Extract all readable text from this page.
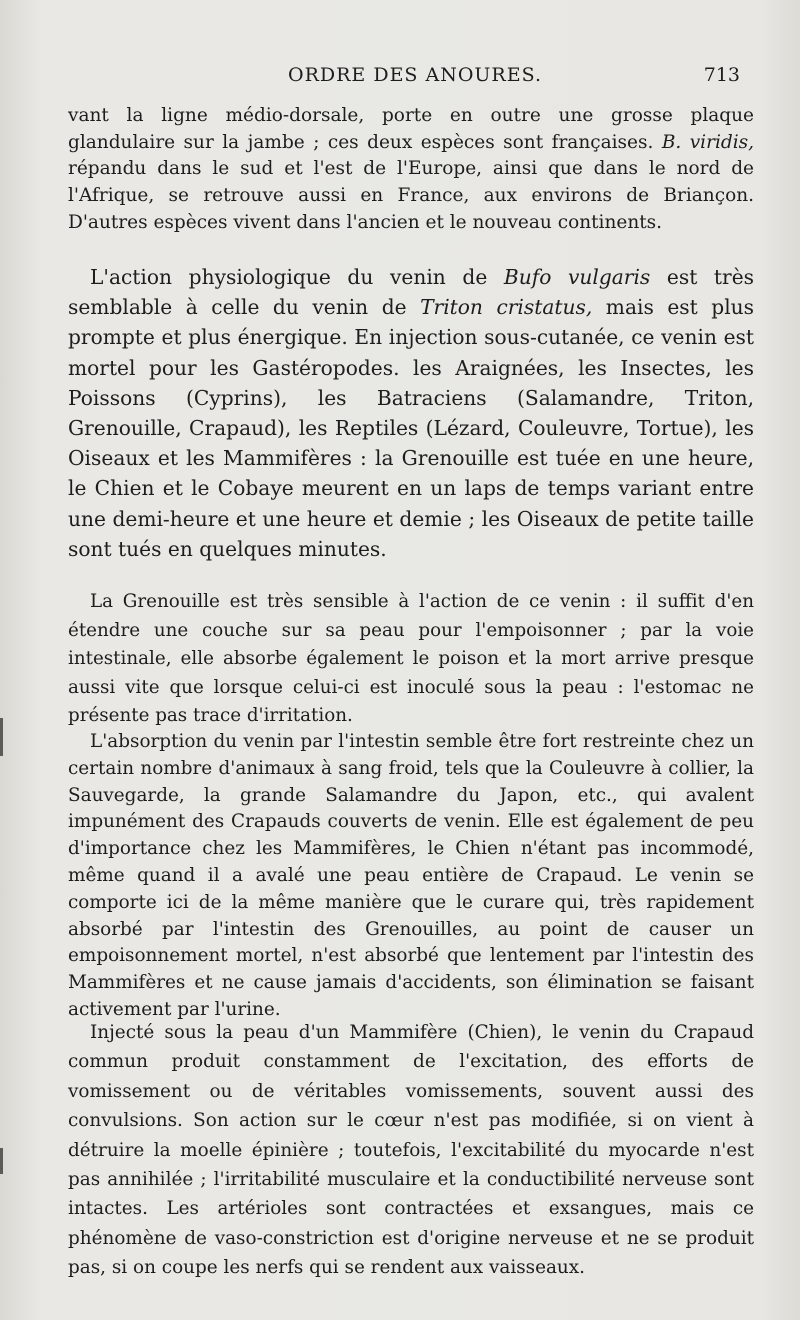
ORDRE DES ANOURES.	713

vant la ligne médio-dorsale, porte en outre une grosse plaque glandulaire sur la jambe ; ces deux espèces sont françaises. B. viridis, répandu dans le sud et l'est de l'Europe, ainsi que dans le nord de l'Afrique, se retrouve aussi en France, aux environs de Briançon. D'autres espèces vivent dans l'ancien et le nouveau continents.

L'action physiologique du venin de Bufo vulgaris est très semblable à celle du venin de Triton cristatus, mais est plus prompte et plus énergique. En injection sous-cutanée, ce venin est mortel pour les Gastéropodes. les Araignées, les Insectes, les Poissons (Cyprins), les Batraciens (Salamandre, Triton, Grenouille, Crapaud), les Reptiles (Lézard, Couleuvre, Tortue), les Oiseaux et les Mammifères : la Grenouille est tuée en une heure, le Chien et le Cobaye meurent en un laps de temps variant entre une demi-heure et une heure et demie ; les Oiseaux de petite taille sont tués en quelques minutes.

La Grenouille est très sensible à l'action de ce venin : il suffit d'en étendre une couche sur sa peau pour l'empoisonner ; par la voie intestinale, elle absorbe également le poison et la mort arrive presque aussi vite que lorsque celui-ci est inoculé sous la peau : l'estomac ne présente pas trace d'irritation.

L'absorption du venin par l'intestin semble être fort restreinte chez un certain nombre d'animaux à sang froid, tels que la Couleuvre à collier, la Sauvegarde, la grande Salamandre du Japon, etc., qui avalent impunément des Crapauds couverts de venin. Elle est également de peu d'importance chez les Mammifères, le Chien n'étant pas incommodé, même quand il a avalé une peau entière de Crapaud. Le venin se comporte ici de la même manière que le curare qui, très rapidement absorbé par l'intestin des Grenouilles, au point de causer un empoisonnement mortel, n'est absorbé que lentement par l'intestin des Mammifères et ne cause jamais d'accidents, son élimination se faisant activement par l'urine.

Injecté sous la peau d'un Mammifère (Chien), le venin du Crapaud commun produit constamment de l'excitation, des efforts de vomissement ou de véritables vomissements, souvent aussi des convulsions. Son action sur le cœur n'est pas modifiée, si on vient à détruire la moelle épinière ; toutefois, l'excitabilité du myocarde n'est pas annihilée ; l'irritabilité musculaire et la conductibilité nerveuse sont intactes. Les artérioles sont contractées et exsangues, mais ce phénomène de vaso-constriction est d'origine nerveuse et ne se produit pas, si on coupe les nerfs qui se rendent aux vaisseaux.
